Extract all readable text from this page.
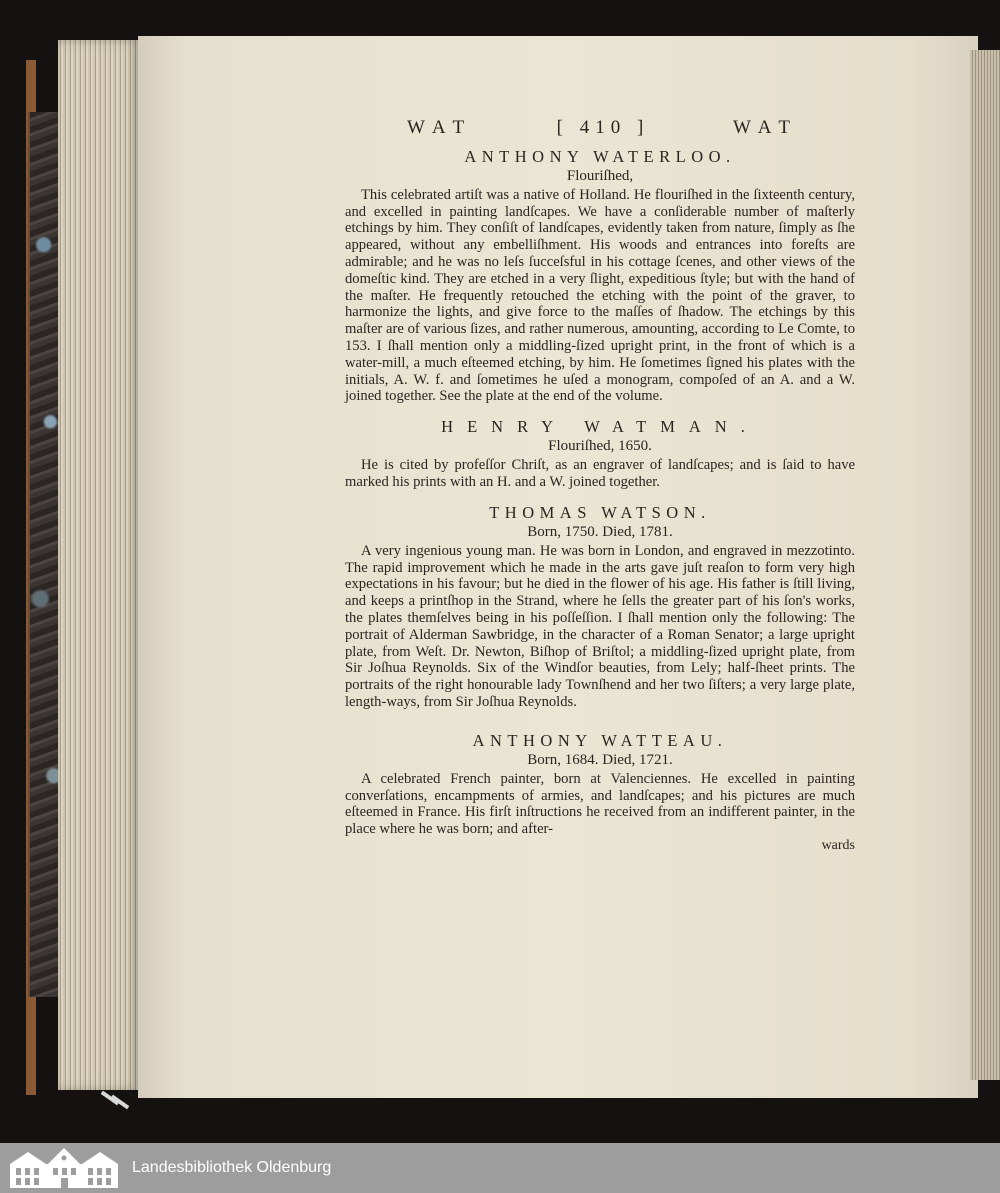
WAT	[ 410 ]	WAT
ANTHONY WATERLOO.
Flouriſhed,

This celebrated artiſt was a native of Holland. He flouriſhed in the ſixteenth century, and excelled in painting landſcapes. We have a conſiderable number of maſterly etchings by him. They conſiſt of landſcapes, evidently taken from nature, ſimply as ſhe appeared, without any embelliſhment. His woods and entrances into foreſts are admirable; and he was no leſs ſucceſsful in his cottage ſcenes, and other views of the domeſtic kind. They are etched in a very ſlight, expeditious ſtyle; but with the hand of the maſter. He frequently retouched the etching with the point of the graver, to harmonize the lights, and give force to the maſſes of ſhadow. The etchings by this maſter are of various ſizes, and rather numerous, amounting, according to Le Comte, to 153. I ſhall mention only a middling-ſized upright print, in the front of which is a water-mill, a much eſteemed etching, by him. He ſometimes ſigned his plates with the initials, A. W. f. and ſometimes he uſed a monogram, compoſed of an A. and a W. joined together. See the plate at the end of the volume.

HENRY WATMAN.
Flouriſhed, 1650.

He is cited by profeſſor Chriſt, as an engraver of landſcapes; and is ſaid to have marked his prints with an H. and a W. joined together.

THOMAS WATSON.
Born, 1750. Died, 1781.

A very ingenious young man. He was born in London, and engraved in mezzotinto. The rapid improvement which he made in the arts gave juſt reaſon to form very high expectations in his favour; but he died in the flower of his age. His father is ſtill living, and keeps a printſhop in the Strand, where he ſells the greater part of his ſon's works, the plates themſelves being in his poſſeſſion. I ſhall mention only the following: The portrait of Alderman Sawbridge, in the character of a Roman Senator; a large upright plate, from Weſt. Dr. Newton, Biſhop of Briſtol; a middling-ſized upright plate, from Sir Joſhua Reynolds. Six of the Windſor beauties, from Lely; half-ſheet prints. The portraits of the right honourable lady Townſhend and her two ſiſters; a very large plate, length-ways, from Sir Joſhua Reynolds.

ANTHONY WATTEAU.
Born, 1684. Died, 1721.

A celebrated French painter, born at Valenciennes. He excelled in painting converſations, encampments of armies, and landſcapes; and his pictures are much eſteemed in France. His firſt inſtructions he received from an indifferent painter, in the place where he was born; and after-

wards
Landesbibliothek Oldenburg
